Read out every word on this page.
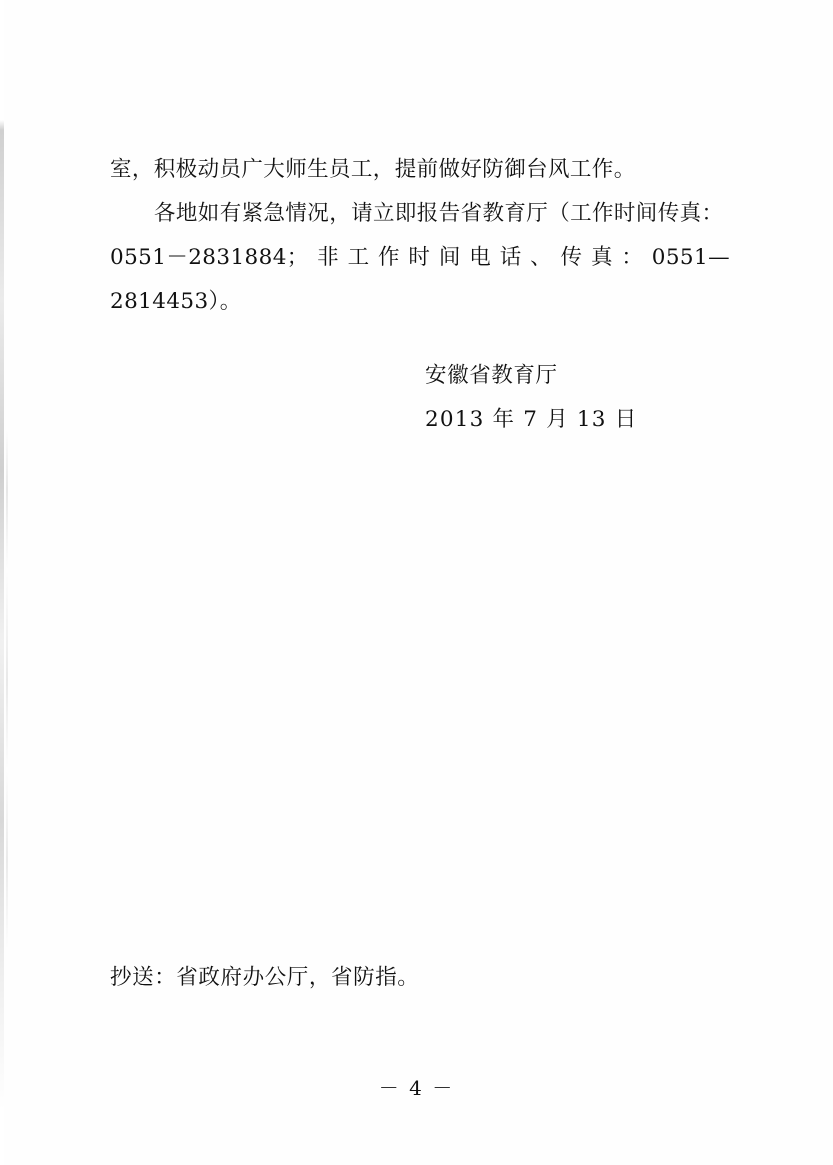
室，积极动员广大师生员工，提前做好防御台风工作。
各地如有紧急情况，请立即报告省教育厅（工作时间传真：
0551－2831884；非工作时间电话、传真：0551—2814453）。
安徽省教育厅
2013 年 7 月 13 日
抄送：省政府办公厅，省防指。
－ 4 －
